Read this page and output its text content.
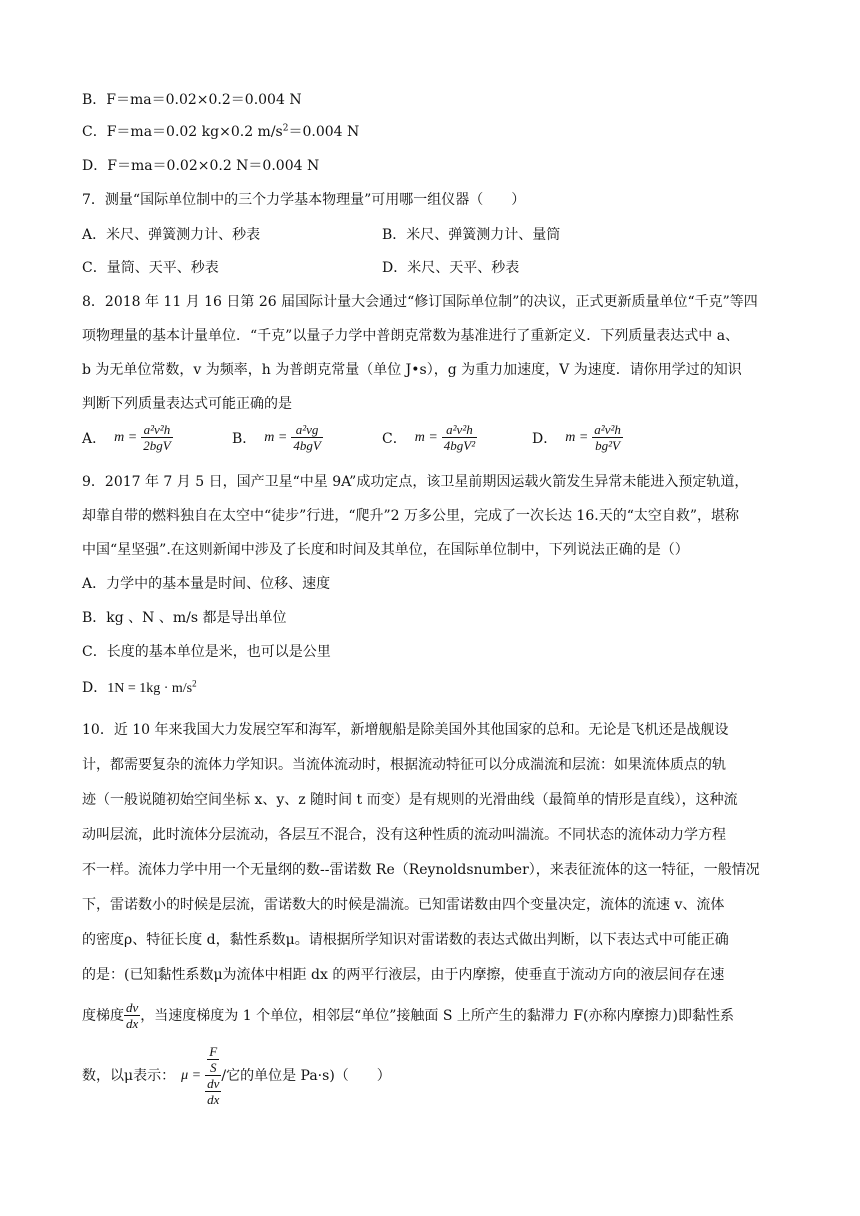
B．F＝ma＝0.02×0.2＝0.004 N
C．F＝ma＝0.02 kg×0.2 $m/s^2=0.004$ N
D．F＝ma＝0.02×0.2 N＝0.004 N
7．测量“国际单位制中的三个力学基本物理量”可用哪一组仪器（　　）
A．米尺、弹簧测力计、秒表	B．米尺、弹簧测力计、量筒
C．量筒、天平、秒表	D．米尺、天平、秒表
8．2018 年 11 月 16 日第 26 届国际计量大会通过“修订国际单位制”的决议，正式更新质量单位“千克”等四
项物理量的基本计量单位．“千克”以量子力学中普朗克常数为基准进行了重新定义．下列质量表达式中 a、
b 为无单位常数，v 为频率，h 为普朗克常量（单位 J•s），g 为重力加速度，V 为速度．请你用学过的知识
判断下列质量表达式可能正确的是
A． $m = \frac{\text{a²v²h}}{\text{2bgV}}$	B． $m = \frac{\text{a²vg}}{\text{4bgV}}$	C． $m = \frac{\text{a²v²h}}{\text{4bgV²}}$	D． $m = \frac{\text{a²v²h}}{\text{bg²V}}$
9．2017 年 7 月 5 日，国产卫星“中星 9A”成功定点，该卫星前期因运载火箭发生异常未能进入预定轨道，
却靠自带的燃料独自在太空中“徒步”行进，“爬升”2 万多公里，完成了一次长达 16.天的“太空自救”，堪称
中国“星坚强”.在这则新闻中涉及了长度和时间及其单位，在国际单位制中，下列说法正确的是（）
A．力学中的基本量是时间、位移、速度
B．kg 、N 、m/s 都是导出单位
C．长度的基本单位是米，也可以是公里
D．$1N = 1kg \cdot m/s^2$
10．近 10 年来我国大力发展空军和海军，新增舰船是除美国外其他国家的总和。无论是飞机还是战舰设
计，都需要复杂的流体力学知识。当流体流动时，根据流动特征可以分成湍流和层流：如果流体质点的轨
迹（一般说随初始空间坐标 x、y、z 随时间 t 而变）是有规则的光滑曲线（最简单的情形是直线），这种流
动叫层流，此时流体分层流动，各层互不混合，没有这种性质的流动叫湍流。不同状态的流体动力学方程
不一样。流体力学中用一个无量纲的数--雷诺数 Re（Reynoldsnumber），来表征流体的这一特征，一般情况
下，雷诺数小的时候是层流，雷诺数大的时候是湍流。已知雷诺数由四个变量决定，流体的流速 v、流体
的密度ρ、特征长度 d，黏性系数μ。请根据所学知识对雷诺数的表达式做出判断，以下表达式中可能正确
的是：(已知黏性系数μ为流体中相距 dx 的两平行液层，由于内摩擦，使垂直于流动方向的液层间存在速
度梯度 $\frac{dv}{dx}$ ，当速度梯度为 1 个单位，相邻层“单位”接触面 S 上所产生的黏滞力 F(亦称内摩擦力)即黏性系
数，以μ表示： $\mu = \frac{\frac{F}{S}}{\frac{dv}{dx}}$ /它的单位是 Pa·s)（　　）
